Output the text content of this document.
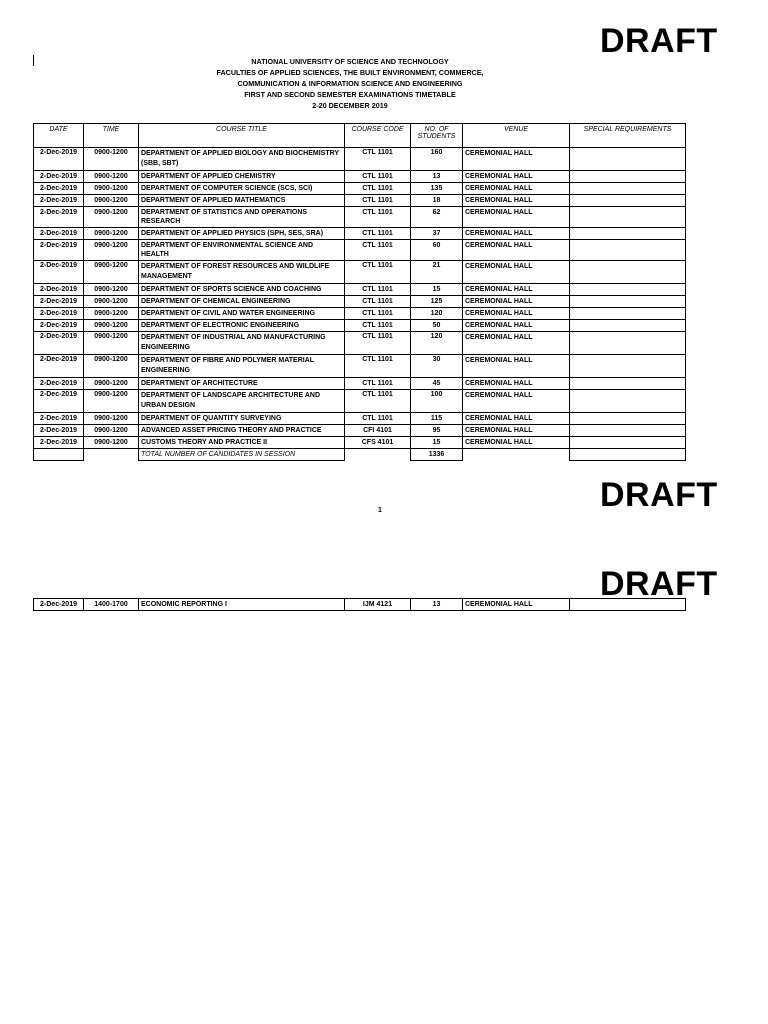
DRAFT
DRAFT
DRAFT
NATIONAL UNIVERSITY OF SCIENCE AND TECHNOLOGY
FACULTIES OF APPLIED SCIENCES, THE BUILT ENVIRONMENT, COMMERCE,
COMMUNICATION & INFORMATION SCIENCE AND ENGINEERING
FIRST AND SECOND SEMESTER EXAMINATIONS TIMETABLE
2-20 DECEMBER 2019
DATE	TIME	COURSE TITLE	COURSE CODE	NO. OF STUDENTS	VENUE	SPECIAL REQUIREMENTS
2-Dec-2019	0900-1200	DEPARTMENT OF APPLIED BIOLOGY AND BIOCHEMISTRY (SBB, SBT)	CTL 1101	160	CEREMONIAL HALL	
2-Dec-2019	0900-1200	DEPARTMENT OF APPLIED CHEMISTRY	CTL 1101	13	CEREMONIAL HALL	
2-Dec-2019	0900-1200	DEPARTMENT OF COMPUTER SCIENCE (SCS, SCI)	CTL 1101	135	CEREMONIAL HALL	
2-Dec-2019	0900-1200	DEPARTMENT OF APPLIED MATHEMATICS	CTL 1101	18	CEREMONIAL HALL	
2-Dec-2019	0900-1200	DEPARTMENT OF STATISTICS AND OPERATIONS RESEARCH	CTL 1101	62	CEREMONIAL HALL	
2-Dec-2019	0900-1200	DEPARTMENT OF APPLIED PHYSICS (SPH, SES, SRA)	CTL 1101	37	CEREMONIAL HALL	
2-Dec-2019	0900-1200	DEPARTMENT OF ENVIRONMENTAL SCIENCE AND HEALTH	CTL 1101	60	CEREMONIAL HALL	
2-Dec-2019	0900-1200	DEPARTMENT OF FOREST RESOURCES AND WILDLIFE MANAGEMENT	CTL 1101	21	CEREMONIAL HALL	
2-Dec-2019	0900-1200	DEPARTMENT OF SPORTS SCIENCE AND COACHING	CTL 1101	15	CEREMONIAL HALL	
2-Dec-2019	0900-1200	DEPARTMENT OF CHEMICAL ENGINEERING	CTL 1101	125	CEREMONIAL HALL	
2-Dec-2019	0900-1200	DEPARTMENT OF CIVIL AND WATER ENGINEERING	CTL 1101	120	CEREMONIAL HALL	
2-Dec-2019	0900-1200	DEPARTMENT OF ELECTRONIC ENGINEERING	CTL 1101	50	CEREMONIAL HALL	
2-Dec-2019	0900-1200	DEPARTMENT OF INDUSTRIAL AND MANUFACTURING ENGINEERING	CTL 1101	120	CEREMONIAL HALL	
2-Dec-2019	0900-1200	DEPARTMENT OF FIBRE AND POLYMER MATERIAL ENGINEERING	CTL 1101	30	CEREMONIAL HALL	
2-Dec-2019	0900-1200	DEPARTMENT OF ARCHITECTURE	CTL 1101	45	CEREMONIAL HALL	
2-Dec-2019	0900-1200	DEPARTMENT OF LANDSCAPE ARCHITECTURE AND URBAN DESIGN	CTL 1101	100	CEREMONIAL HALL	
2-Dec-2019	0900-1200	DEPARTMENT OF QUANTITY SURVEYING	CTL 1101	115	CEREMONIAL HALL	
2-Dec-2019	0900-1200	ADVANCED ASSET PRICING THEORY AND PRACTICE	CFI 4101	95	CEREMONIAL HALL	
2-Dec-2019	0900-1200	CUSTOMS THEORY AND PRACTICE II	CFS 4101	15	CEREMONIAL HALL	
		TOTAL NUMBER OF CANDIDATES IN SESSION		1336		
1
2-Dec-2019	1400-1700	ECONOMIC REPORTING I	IJM 4121	13	CEREMONIAL HALL	
